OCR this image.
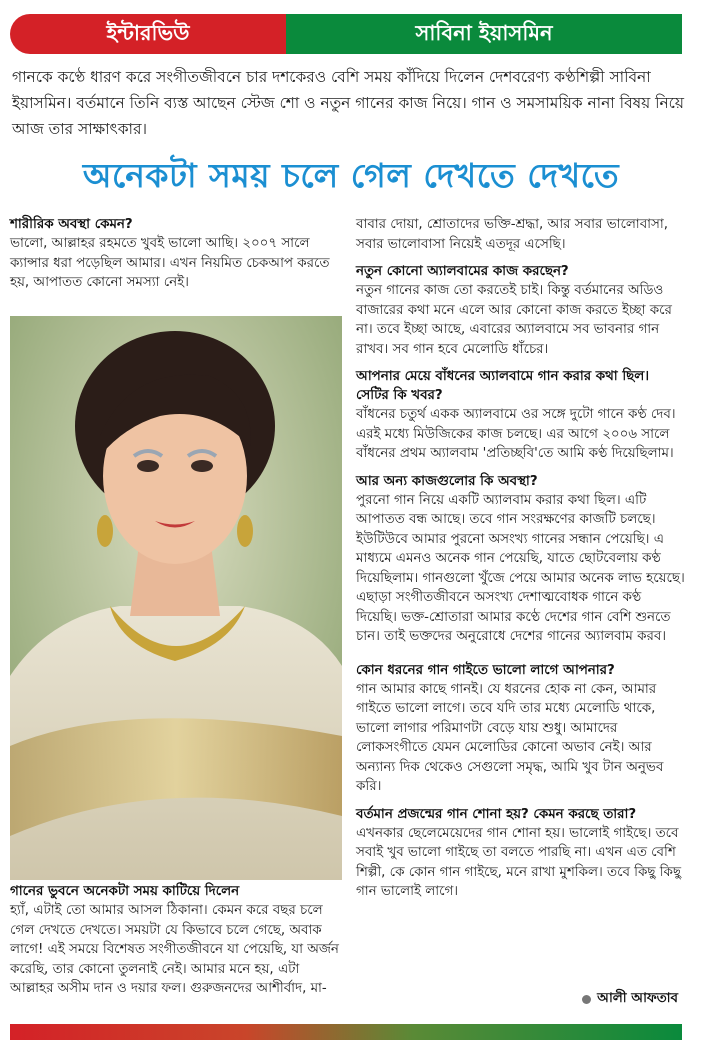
ইন্টারভিউ	সাবিনা ইয়াসমিন
গানকে কণ্ঠে ধারণ করে সংগীতজীবনে চার দশকেরও বেশি সময় কাঁদিয়ে দিলেন দেশবরেণ্য কণ্ঠশিল্পী সাবিনা ইয়াসমিন। বর্তমানে তিনি ব্যস্ত আছেন স্টেজ শো ও নতুন গানের কাজ নিয়ে। গান ও সমসাময়িক নানা বিষয় নিয়ে আজ তার সাক্ষাৎকার।
অনেকটা সময় চলে গেল দেখতে দেখতে

শারীরিক অবস্থা কেমন?

ভালো, আল্লাহর রহমতে খুবই ভালো আছি। ২০০৭ সালে ক্যান্সার ধরা পড়েছিল আমার। এখন নিয়মিত চেকআপ করতে হয়, আপাতত কোনো সমস্যা নেই।

গানের ভুবনে অনেকটা সময় কাটিয়ে দিলেন

হ্যাঁ, এটাই তো আমার আসল ঠিকানা। কেমন করে বছর চলে গেল দেখতে দেখতে। সময়টা যে কিভাবে চলে গেছে, অবাক লাগে! এই সময়ে বিশেষত সংগীতজীবনে যা পেয়েছি, যা অর্জন করেছি, তার কোনো তুলনাই নেই। আমার মনে হয়, এটা আল্লাহর অসীম দান ও দয়ার ফল। গুরুজনদের আশীর্বাদ, মা-

বাবার দোয়া, শ্রোতাদের ভক্তি-শ্রদ্ধা, আর সবার ভালোবাসা, সবার ভালোবাসা নিয়েই এতদূর এসেছি।

নতুন কোনো অ্যালবামের কাজ করছেন?

নতুন গানের কাজ তো করতেই চাই। কিন্তু বর্তমানের অডিও বাজারের কথা মনে এলে আর কোনো কাজ করতে ইচ্ছা করে না। তবে ইচ্ছা আছে, এবারের অ্যালবামে সব ভাবনার গান রাখব। সব গান হবে মেলোডি ধাঁচের।

আপনার মেয়ে বাঁধনের অ্যালবামে গান করার কথা ছিল। সেটির কি খবর?

বাঁধনের চতুর্থ একক অ্যালবামে ওর সঙ্গে দুটো গানে কণ্ঠ দেব। এরই মধ্যে মিউজিকের কাজ চলছে। এর আগে ২০০৬ সালে বাঁধনের প্রথম অ্যালবাম 'প্রতিচ্ছবি'তে আমি কণ্ঠ দিয়েছিলাম।

আর অন্য কাজগুলোর কি অবস্থা?

পুরনো গান নিয়ে একটি অ্যালবাম করার কথা ছিল। এটি আপাতত বন্ধ আছে। তবে গান সংরক্ষণের কাজটি চলছে। ইউটিউবে আমার পুরনো অসংখ্য গানের সন্ধান পেয়েছি। এ মাধ্যমে এমনও অনেক গান পেয়েছি, যাতে ছোটবেলায় কণ্ঠ দিয়েছিলাম। গানগুলো খুঁজে পেয়ে আমার অনেক লাভ হয়েছে। এছাড়া সংগীতজীবনে অসংখ্য দেশাত্মবোধক গানে কণ্ঠ দিয়েছি। ভক্ত-শ্রোতারা আমার কণ্ঠে দেশের গান বেশি শুনতে চান। তাই ভক্তদের অনুরোধে দেশের গানের অ্যালবাম করব।

কোন ধরনের গান গাইতে ভালো লাগে আপনার?

গান আমার কাছে গানই। যে ধরনের হোক না কেন, আমার গাইতে ভালো লাগে। তবে যদি তার মধ্যে মেলোডি থাকে, ভালো লাগার পরিমাণটা বেড়ে যায় শুধু। আমাদের লোকসংগীতে যেমন মেলোডির কোনো অভাব নেই। আর অন্যান্য দিক থেকেও সেগুলো সমৃদ্ধ, আমি খুব টান অনুভব করি।

বর্তমান প্রজন্মের গান শোনা হয়? কেমন করছে তারা?

এখনকার ছেলেমেয়েদের গান শোনা হয়। ভালোই গাইছে। তবে সবাই খুব ভালো গাইছে তা বলতে পারছি না। এখন এত বেশি শিল্পী, কে কোন গান গাইছে, মনে রাখা মুশকিল। তবে কিছু কিছু গান ভালোই লাগে।

আলী আফতাব
